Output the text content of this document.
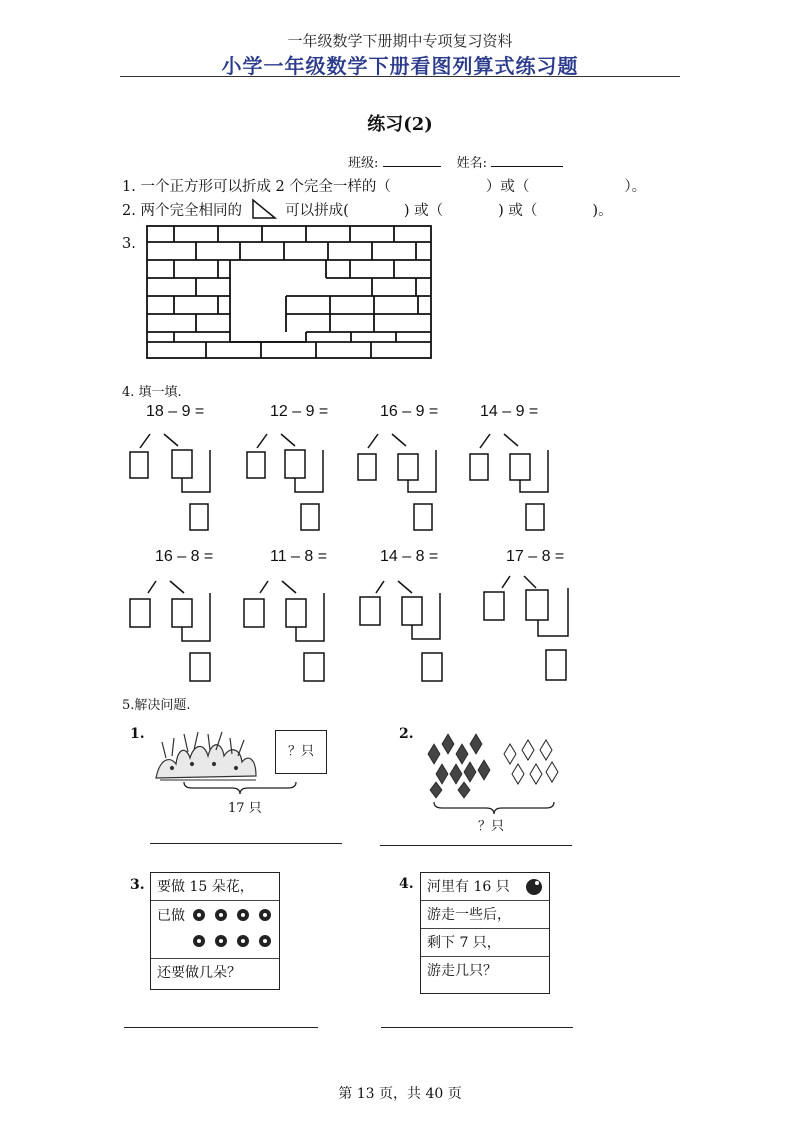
一年级数学下册期中专项复习资料
小学一年级数学下册看图列算式练习题
练习(2)
班级:	姓名:
1. 一个正方形可以折成 2 个完全一样的（	）或（	）。
2. 两个完全相同的	可以拼成(	) 或（	) 或（	)。
3.
4. 填一填.
18 – 9 =	12 – 9 =	16 – 9 =	14 – 9 =
16 – 8 =	11 – 8 =	14 – 8 =	17 – 8 =
5.解决问题.
1.
？只
17 只
2.
？只
3. 要做 15 朵花，
已做
还要做几朵？
4. 河里有 16 只
游走一些后，
剩下 7 只，
游走几只？
第 13 页，共 40 页
